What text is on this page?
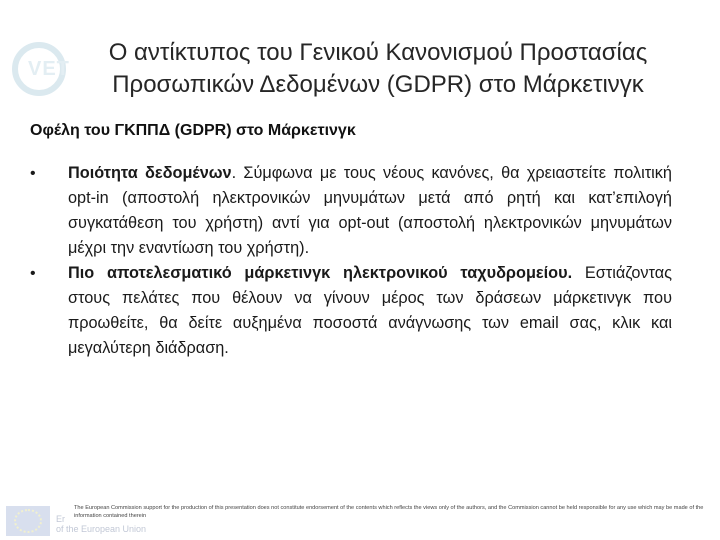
VET
Ο αντίκτυπος του Γενικού Κανονισμού Προστασίας Προσωπικών Δεδομένων (GDPR) στο Μάρκετινγκ
Οφέλη του ΓΚΠΠΔ (GDPR) στο Μάρκετινγκ
•	Ποιότητα δεδομένων. Σύμφωνα με τους νέους κανόνες, θα χρειαστείτε πολιτική opt-in (αποστολή ηλεκτρονικών μηνυμάτων μετά από ρητή και κατ’επιλογή συγκατάθεση του χρήστη) αντί για opt-out (αποστολή ηλεκτρονικών μηνυμάτων μέχρι την εναντίωση του χρήστη).
•	Πιο αποτελεσματικό μάρκετινγκ ηλεκτρονικού ταχυδρομείου. Εστιάζοντας στους πελάτες που θέλουν να γίνουν μέρος των δράσεων μάρκετινγκ που προωθείτε, θα δείτε αυξημένα ποσοστά ανάγνωσης των email σας, κλικ και μεγαλύτερη διάδραση.
Er
of the European Union
The European Commission support for the production of this presentation does not constitute endorsement of the contents which reflects the views only of the authors, and the Commission cannot be held responsible for any use which may be made of the information contained therein
